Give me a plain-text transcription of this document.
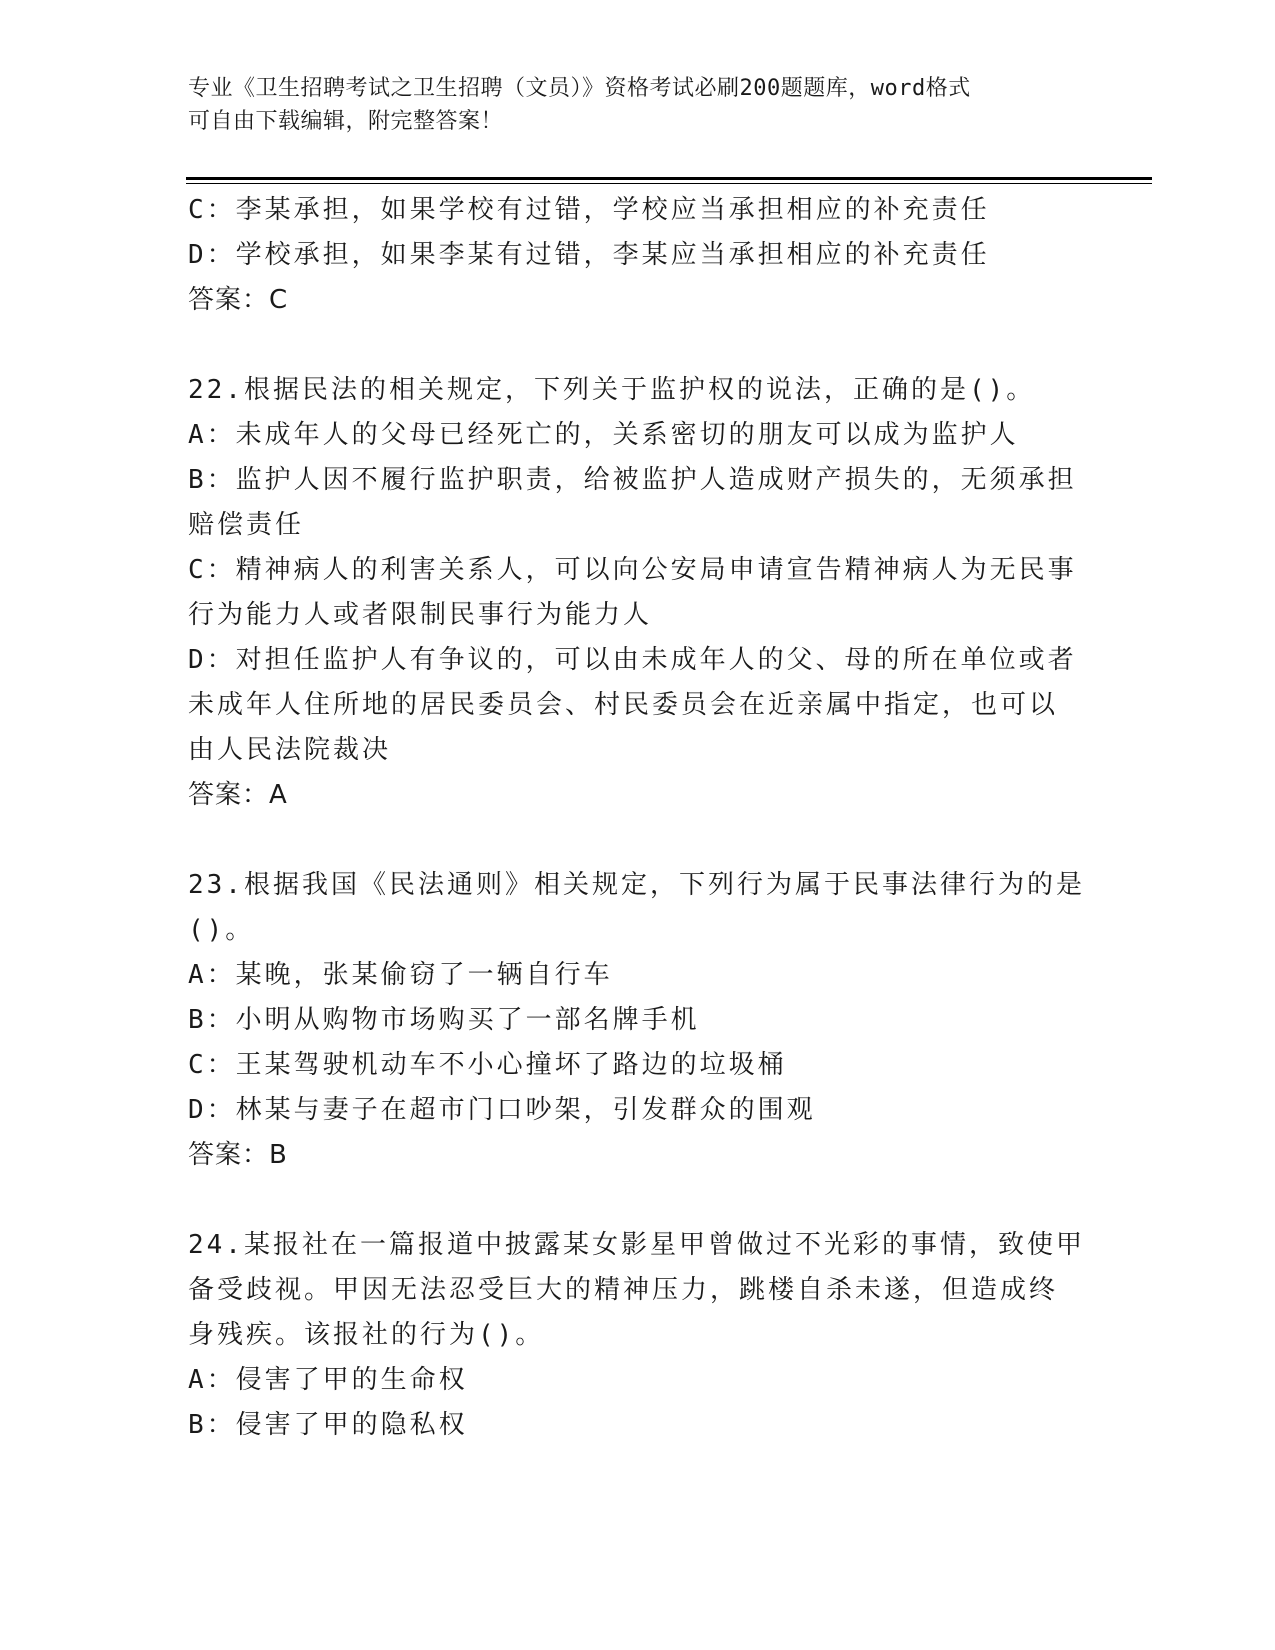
专业《卫生招聘考试之卫生招聘（文员）》资格考试必刷200题题库，word格式
可自由下载编辑，附完整答案！
C：李某承担，如果学校有过错，学校应当承担相应的补充责任
D：学校承担，如果李某有过错，李某应当承担相应的补充责任
答案：C
22.根据民法的相关规定，下列关于监护权的说法，正确的是()。
A：未成年人的父母已经死亡的，关系密切的朋友可以成为监护人
B：监护人因不履行监护职责，给被监护人造成财产损失的，无须承担
赔偿责任
C：精神病人的利害关系人，可以向公安局申请宣告精神病人为无民事
行为能力人或者限制民事行为能力人
D：对担任监护人有争议的，可以由未成年人的父、母的所在单位或者
未成年人住所地的居民委员会、村民委员会在近亲属中指定，也可以
由人民法院裁决
答案：A
23.根据我国《民法通则》相关规定，下列行为属于民事法律行为的是
()。
A：某晚，张某偷窃了一辆自行车
B：小明从购物市场购买了一部名牌手机
C：王某驾驶机动车不小心撞坏了路边的垃圾桶
D：林某与妻子在超市门口吵架，引发群众的围观
答案：B
24.某报社在一篇报道中披露某女影星甲曾做过不光彩的事情，致使甲
备受歧视。甲因无法忍受巨大的精神压力，跳楼自杀未遂，但造成终
身残疾。该报社的行为()。
A：侵害了甲的生命权
B：侵害了甲的隐私权
